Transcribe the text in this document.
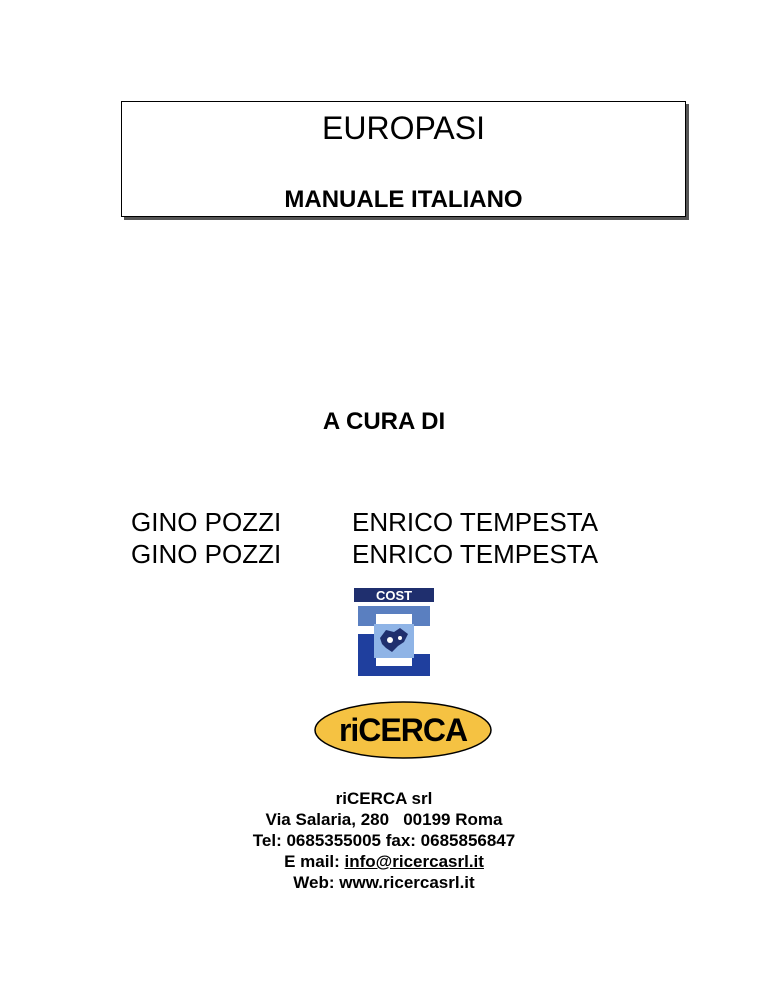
EUROPASI
MANUALE ITALIANO
A CURA DI
GINO POZZI
GINO POZZI
ENRICO TEMPESTA
ENRICO TEMPESTA
COST
riCERCA
riCERCA srl
Via Salaria, 280   00199 Roma
Tel: 0685355005 fax: 0685856847
E mail: info@ricercasrl.it
Web: www.ricercasrl.it
